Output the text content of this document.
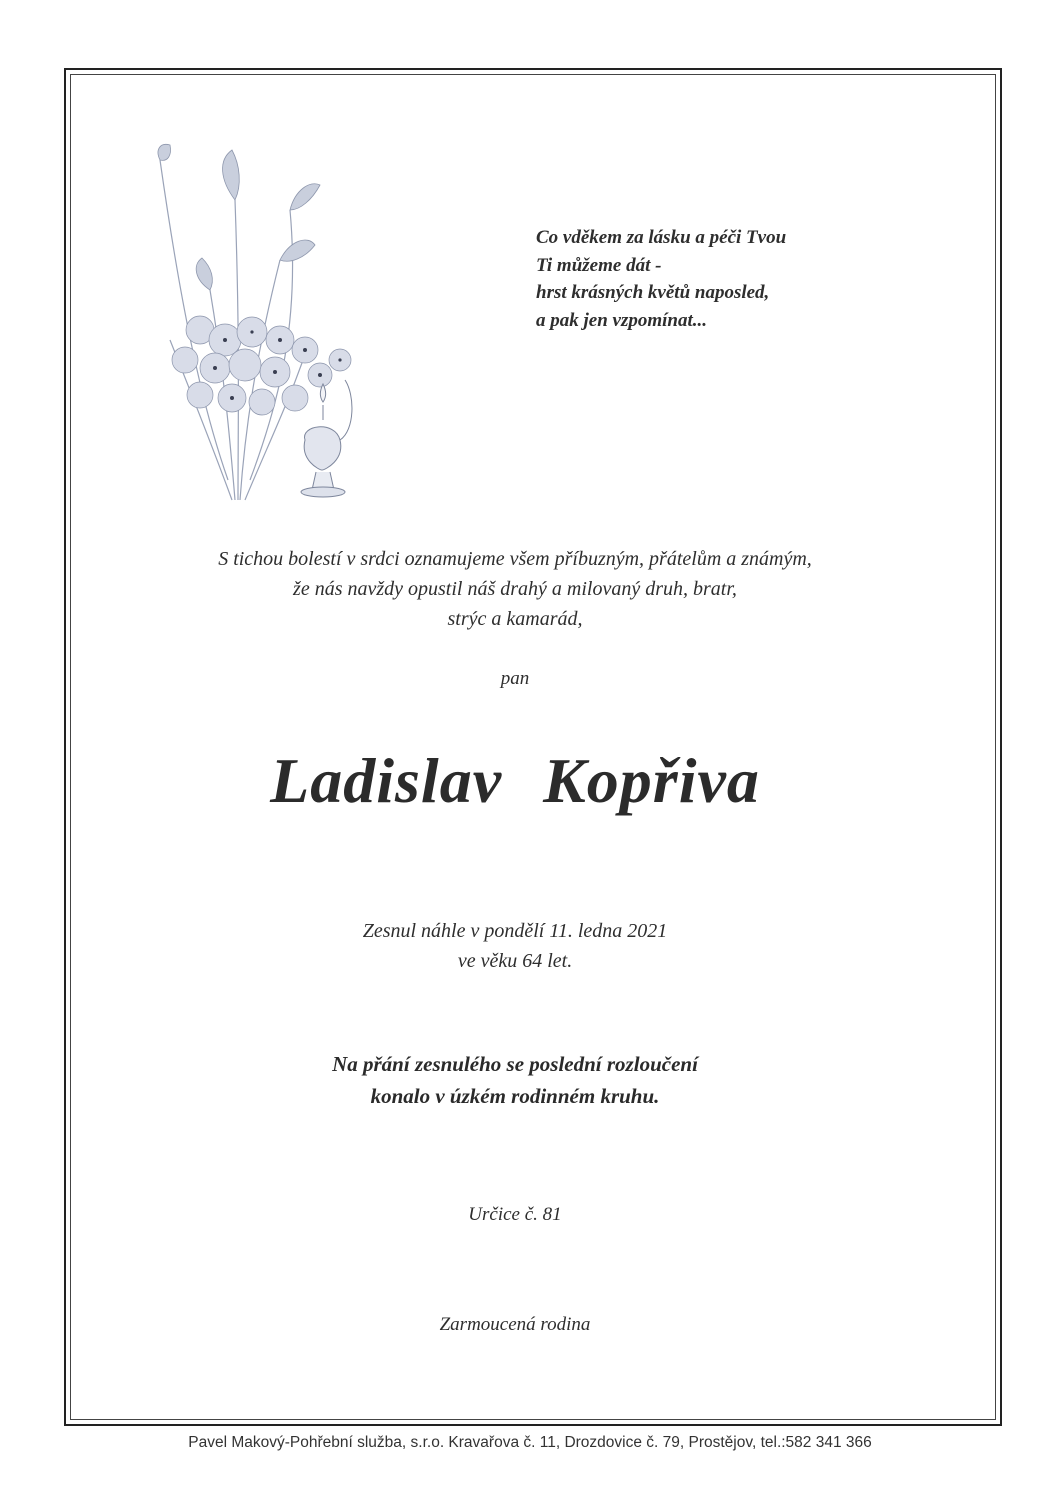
Co vděkem za lásku a péči Tvou
Ti můžeme dát -
hrst krásných květů naposled,
a pak jen vzpomínat...
S tichou bolestí v srdci oznamujeme všem příbuzným, přátelům a známým,
že nás navždy opustil náš drahý a milovaný druh, bratr,
strýc a kamarád,
pan
Ladislav Kopřiva
Zesnul náhle v pondělí 11. ledna 2021
ve věku 64 let.
Na přání zesnulého se poslední rozloučení
konalo v úzkém rodinném kruhu.
Určice č. 81
Zarmoucená rodina
Pavel Makový-Pohřební služba, s.r.o. Kravařova č. 11, Drozdovice č. 79, Prostějov, tel.:582 341 366
